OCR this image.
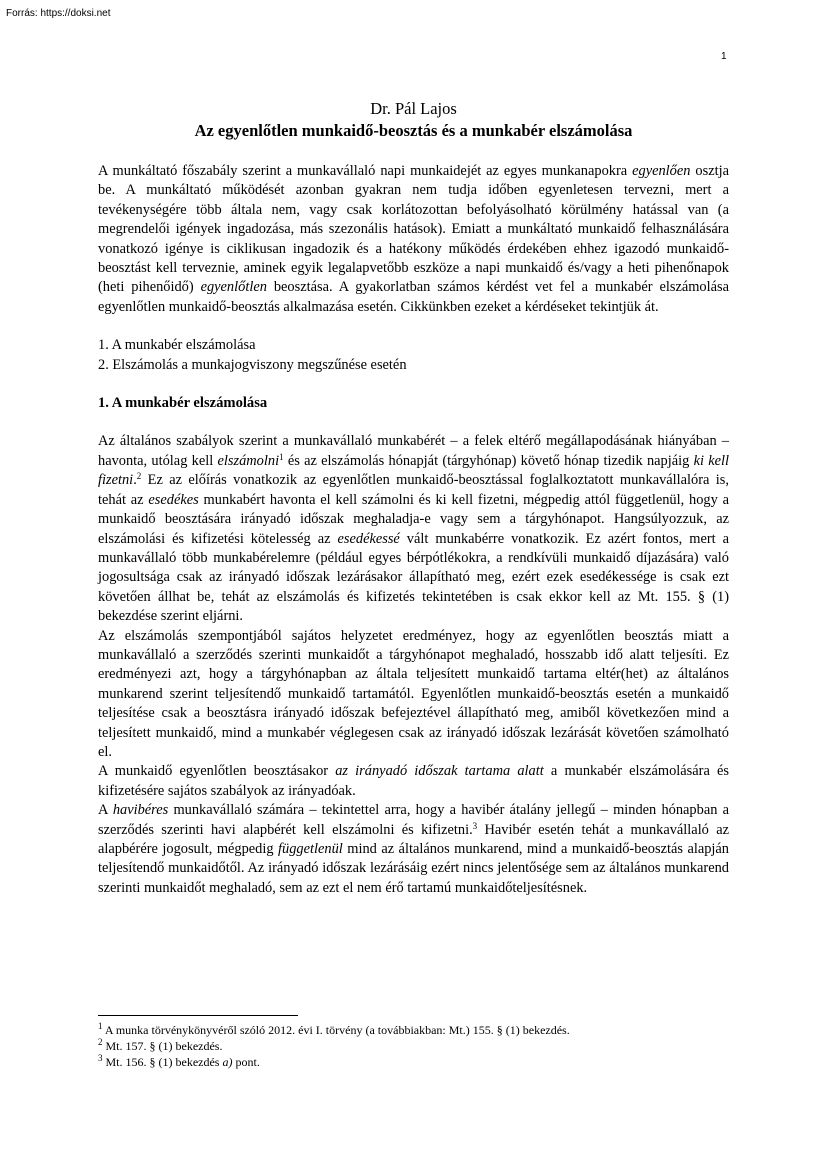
Forrás: https://doksi.net
1
Dr. Pál Lajos
Az egyenlőtlen munkaidő-beosztás és a munkabér elszámolása

A munkáltató főszabály szerint a munkavállaló napi munkaidejét az egyes munkanapokra egyenlően osztja be. A munkáltató működését azonban gyakran nem tudja időben egyenletesen tervezni, mert a tevékenységére több általa nem, vagy csak korlátozottan befolyásolható körülmény hatással van (a megrendelői igények ingadozása, más szezonális hatások). Emiatt a munkáltató munkaidő felhasználására vonatkozó igénye is ciklikusan ingadozik és a hatékony működés érdekében ehhez igazodó munkaidő-beosztást kell terveznie, aminek egyik legalapvetőbb eszköze a napi munkaidő és/vagy a heti pihenőnapok (heti pihenőidő) egyenlőtlen beosztása. A gyakorlatban számos kérdést vet fel a munkabér elszámolása egyenlőtlen munkaidő-beosztás alkalmazása esetén. Cikkünkben ezeket a kérdéseket tekintjük át.

1. A munkabér elszámolása

2. Elszámolás a munkajogviszony megszűnése esetén

1. A munkabér elszámolása

Az általános szabályok szerint a munkavállaló munkabérét – a felek eltérő megállapodásának hiányában – havonta, utólag kell elszámolni$^1$ és az elszámolás hónapját (tárgyhónap) követő hónap tizedik napjáig ki kell fizetni.$^2$ Ez az előírás vonatkozik az egyenlőtlen munkaidő-beosztással foglalkoztatott munkavállalóra is, tehát az esedékes munkabért havonta el kell számolni és ki kell fizetni, mégpedig attól függetlenül, hogy a munkaidő beosztására irányadó időszak meghaladja-e vagy sem a tárgyhónapot. Hangsúlyozzuk, az elszámolási és kifizetési kötelesség az esedékessé vált munkabérre vonatkozik. Ez azért fontos, mert a munkavállaló több munkabérelemre (például egyes bérpótlékokra, a rendkívüli munkaidő díjazására) való jogosultsága csak az irányadó időszak lezárásakor állapítható meg, ezért ezek esedékessége is csak ezt követően állhat be, tehát az elszámolás és kifizetés tekintetében is csak ekkor kell az Mt. 155. § (1) bekezdése szerint eljárni.

Az elszámolás szempontjából sajátos helyzetet eredményez, hogy az egyenlőtlen beosztás miatt a munkavállaló a szerződés szerinti munkaidőt a tárgyhónapot meghaladó, hosszabb idő alatt teljesíti. Ez eredményezi azt, hogy a tárgyhónapban az általa teljesített munkaidő tartama eltér(het) az általános munkarend szerint teljesítendő munkaidő tartamától. Egyenlőtlen munkaidő-beosztás esetén a munkaidő teljesítése csak a beosztásra irányadó időszak befejeztével állapítható meg, amiből következően mind a teljesített munkaidő, mind a munkabér véglegesen csak az irányadó időszak lezárását követően számolható el.

A munkaidő egyenlőtlen beosztásakor az irányadó időszak tartama alatt a munkabér elszámolására és kifizetésére sajátos szabályok az irányadóak.

A havibéres munkavállaló számára – tekintettel arra, hogy a havibér átalány jellegű – minden hónapban a szerződés szerinti havi alapbérét kell elszámolni és kifizetni.$^3$ Havibér esetén tehát a munkavállaló az alapbérére jogosult, mégpedig függetlenül mind az általános munkarend, mind a munkaidő-beosztás alapján teljesítendő munkaidőtől. Az irányadó időszak lezárásáig ezért nincs jelentősége sem az általános munkarend szerinti munkaidőt meghaladó, sem az ezt el nem érő tartamú munkaidőteljesítésnek.

$^1$ A munka törvénykönyvéről szóló 2012. évi I. törvény (a továbbiakban: Mt.) 155. § (1) bekezdés.
$^2$ Mt. 157. § (1) bekezdés.
$^3$ Mt. 156. § (1) bekezdés a) pont.
